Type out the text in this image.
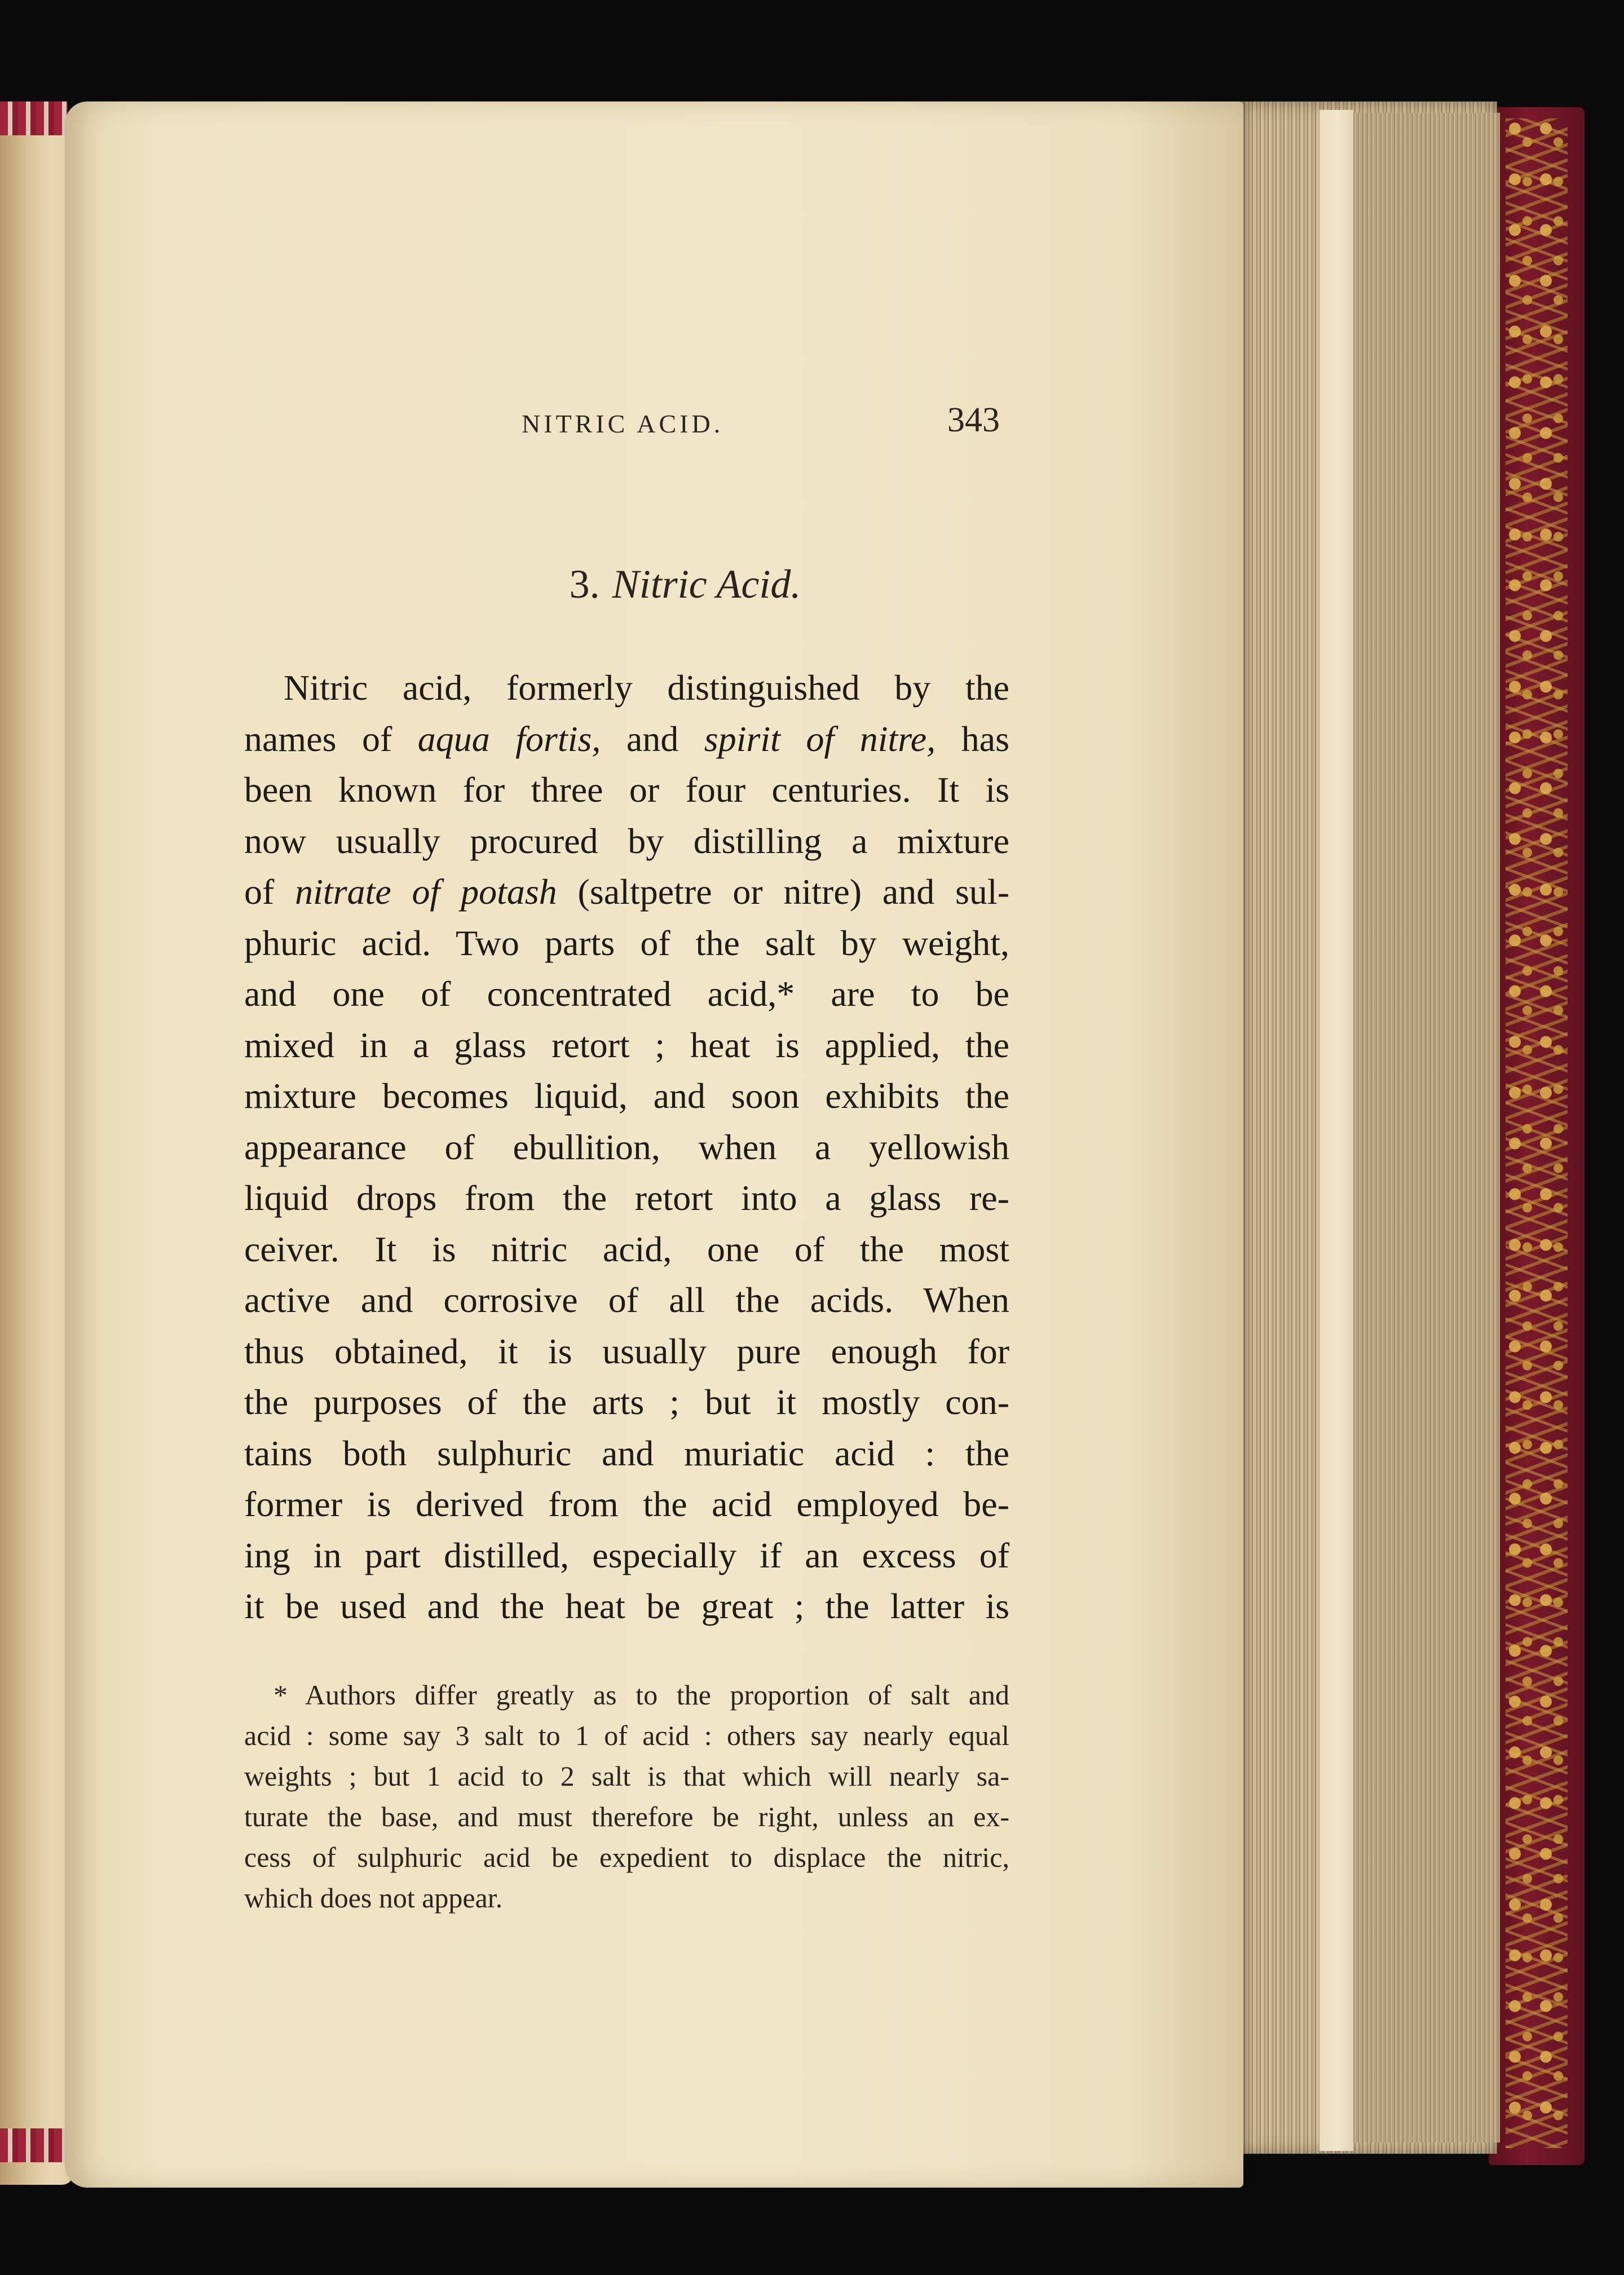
NITRIC ACID.	343
3. Nitric Acid.
Nitric acid, formerly distinguished by the
names of aqua fortis, and spirit of nitre, has
been known for three or four centuries. It is
now usually procured by distilling a mixture
of nitrate of potash (saltpetre or nitre) and sul-
phuric acid. Two parts of the salt by weight,
and one of concentrated acid,* are to be
mixed in a glass retort ; heat is applied, the
mixture becomes liquid, and soon exhibits the
appearance of ebullition, when a yellowish
liquid drops from the retort into a glass re-
ceiver. It is nitric acid, one of the most
active and corrosive of all the acids. When
thus obtained, it is usually pure enough for
the purposes of the arts ; but it mostly con-
tains both sulphuric and muriatic acid : the
former is derived from the acid employed be-
ing in part distilled, especially if an excess of
it be used and the heat be great ; the latter is
* Authors differ greatly as to the proportion of salt and
acid : some say 3 salt to 1 of acid : others say nearly equal
weights ; but 1 acid to 2 salt is that which will nearly sa-
turate the base, and must therefore be right, unless an ex-
cess of sulphuric acid be expedient to displace the nitric,
which does not appear.
